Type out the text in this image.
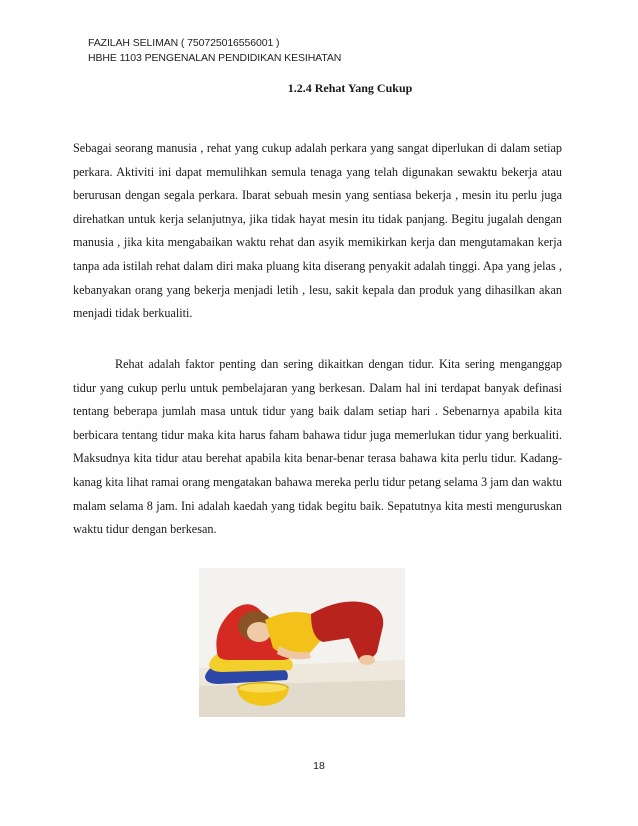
FAZILAH SELIMAN ( 750725016556001 )
HBHE 1103 PENGENALAN PENDIDIKAN KESIHATAN
1.2.4 Rehat Yang Cukup

Sebagai seorang manusia , rehat yang cukup adalah perkara yang sangat diperlukan di dalam setiap perkara. Aktiviti ini dapat memulihkan semula tenaga yang telah digunakan sewaktu bekerja atau berurusan dengan segala perkara. Ibarat sebuah mesin yang sentiasa bekerja , mesin itu perlu juga direhatkan untuk kerja selanjutnya, jika tidak hayat mesin itu tidak panjang. Begitu jugalah dengan manusia , jika kita mengabaikan waktu rehat dan asyik memikirkan kerja dan mengutamakan kerja tanpa ada istilah rehat dalam diri maka pluang kita diserang penyakit adalah tinggi. Apa yang jelas , kebanyakan orang yang bekerja menjadi letih , lesu, sakit kepala dan produk yang dihasilkan akan menjadi tidak berkualiti.

Rehat adalah faktor penting dan sering dikaitkan dengan tidur. Kita sering menganggap tidur yang cukup perlu untuk pembelajaran yang berkesan. Dalam hal ini terdapat banyak definasi tentang beberapa jumlah masa untuk tidur yang baik dalam setiap hari . Sebenarnya apabila kita berbicara tentang tidur maka kita harus faham bahawa tidur juga memerlukan tidur yang berkualiti. Maksudnya kita tidur atau berehat apabila kita benar-benar terasa bahawa kita perlu tidur. Kadang-kanag kita lihat ramai orang mengatakan bahawa mereka perlu tidur petang selama 3 jam dan waktu malam selama 8 jam. Ini adalah kaedah yang tidak begitu baik. Sepatutnya kita mesti menguruskan waktu tidur dengan berkesan.

18
